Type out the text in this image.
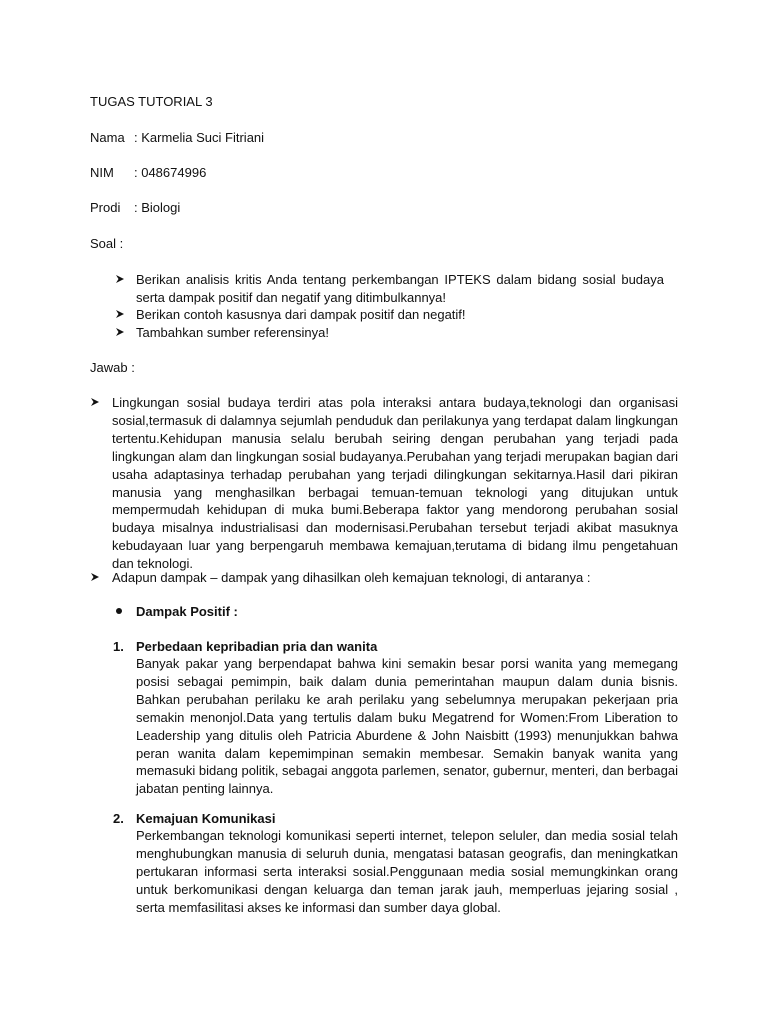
TUGAS TUTORIAL 3

Nama : Karmelia Suci Fitriani

NIM : 048674996

Prodi : Biologi

Soal :

Berikan analisis kritis Anda tentang perkembangan IPTEKS dalam bidang sosial budaya serta dampak positif dan negatif yang ditimbulkannya!

Berikan contoh kasusnya dari dampak positif dan negatif!

Tambahkan sumber referensinya!

Jawab :

Lingkungan sosial budaya terdiri atas pola interaksi antara budaya,teknologi dan organisasi sosial,termasuk di dalamnya sejumlah penduduk dan perilakunya yang terdapat dalam lingkungan tertentu.Kehidupan manusia selalu berubah seiring dengan perubahan yang terjadi pada lingkungan alam dan lingkungan sosial budayanya.Perubahan yang terjadi merupakan bagian dari usaha adaptasinya terhadap perubahan yang terjadi dilingkungan sekitarnya.Hasil dari pikiran manusia yang menghasilkan berbagai temuan-temuan teknologi yang ditujukan untuk mempermudah kehidupan di muka bumi.Beberapa faktor yang mendorong perubahan sosial budaya misalnya industrialisasi dan modernisasi.Perubahan tersebut terjadi akibat masuknya kebudayaan luar yang berpengaruh membawa kemajuan,terutama di bidang ilmu pengetahuan dan teknologi.

Adapun dampak – dampak yang dihasilkan oleh kemajuan teknologi, di antaranya :

Dampak Positif :

1. Perbedaan kepribadian pria dan wanita

Banyak pakar yang berpendapat bahwa kini semakin besar porsi wanita yang memegang posisi sebagai pemimpin, baik dalam dunia pemerintahan maupun dalam dunia bisnis. Bahkan perubahan perilaku ke arah perilaku yang sebelumnya merupakan pekerjaan pria semakin menonjol.Data yang tertulis dalam buku Megatrend for Women:From Liberation to Leadership yang ditulis oleh Patricia Aburdene & John Naisbitt (1993) menunjukkan bahwa peran wanita dalam kepemimpinan semakin membesar. Semakin banyak wanita yang memasuki bidang politik, sebagai anggota parlemen, senator, gubernur, menteri, dan berbagai jabatan penting lainnya.

2. Kemajuan Komunikasi

Perkembangan teknologi komunikasi seperti internet, telepon seluler, dan media sosial telah menghubungkan manusia di seluruh dunia, mengatasi batasan geografis, dan meningkatkan pertukaran informasi serta interaksi sosial.Penggunaan media sosial memungkinkan orang untuk berkomunikasi dengan keluarga dan teman jarak jauh, memperluas jejaring sosial , serta memfasilitasi akses ke informasi dan sumber daya global.
